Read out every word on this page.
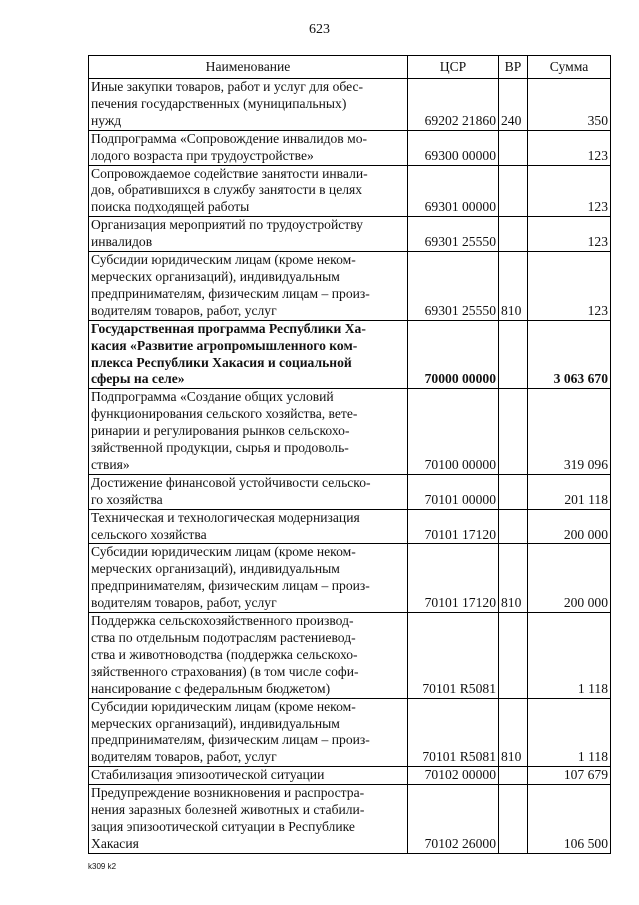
623
Наименование	ЦСР	ВР	Сумма

Иные закупки товаров, работ и услуг для обес-
печения государственных (муниципальных)
нужд	69202 21860	240	350

Подпрограмма «Сопровождение инвалидов мо-
лодого возраста при трудоустройстве»	69300 00000		123

Сопровождаемое содействие занятости инвали-
дов, обратившихся в службу занятости в целях
поиска подходящей работы	69301 00000		123

Организация мероприятий по трудоустройству
инвалидов	69301 25550		123

Субсидии юридическим лицам (кроме неком-
мерческих организаций), индивидуальным
предпринимателям, физическим лицам – произ-
водителям товаров, работ, услуг	69301 25550	810	123

Государственная программа Республики Ха-
касия «Развитие агропромышленного ком-
плекса Республики Хакасия и социальной
сферы на селе»	70000 00000		3 063 670

Подпрограмма «Создание общих условий
функционирования сельского хозяйства, вете-
ринарии и регулирования рынков сельскохо-
зяйственной продукции, сырья и продоволь-
ствия»	70100 00000		319 096

Достижение финансовой устойчивости сельско-
го хозяйства	70101 00000		201 118

Техническая и технологическая модернизация
сельского хозяйства	70101 17120		200 000

Субсидии юридическим лицам (кроме неком-
мерческих организаций), индивидуальным
предпринимателям, физическим лицам – произ-
водителям товаров, работ, услуг	70101 17120	810	200 000

Поддержка сельскохозяйственного производ-
ства по отдельным подотраслям растениевод-
ства и животноводства (поддержка сельскохо-
зяйственного страхования) (в том числе софи-
нансирование с федеральным бюджетом)	70101 R5081		1 118

Субсидии юридическим лицам (кроме неком-
мерческих организаций), индивидуальным
предпринимателям, физическим лицам – произ-
водителям товаров, работ, услуг	70101 R5081	810	1 118

Стабилизация эпизоотической ситуации	70102 00000		107 679

Предупреждение возникновения и распростра-
нения заразных болезней животных и стабили-
зация эпизоотической ситуации в Республике
Хакасия	70102 26000		106 500
k309 k2
